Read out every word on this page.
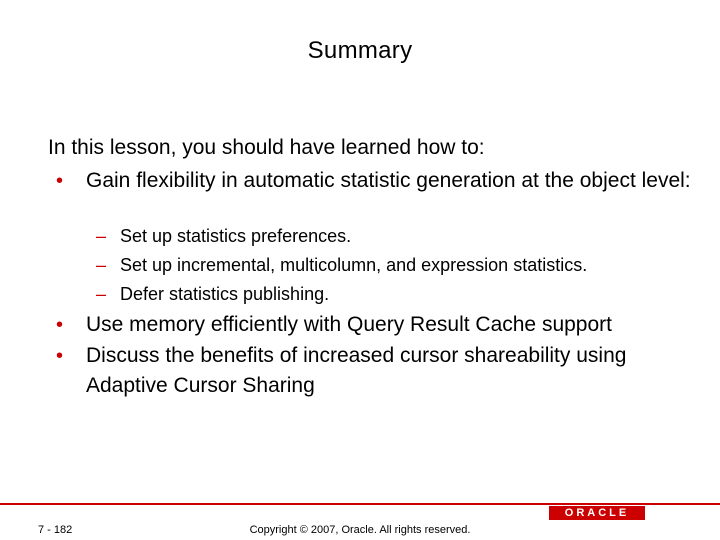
Summary
In this lesson, you should have learned how to:
• Gain flexibility in automatic statistic generation at the object level:
– Set up statistics preferences.
– Set up incremental, multicolumn, and expression statistics.
– Defer statistics publishing.
• Use memory efficiently with Query Result Cache support
• Discuss the benefits of increased cursor shareability using Adaptive Cursor Sharing
ORACLE
7 - 182	Copyright © 2007, Oracle. All rights reserved.
